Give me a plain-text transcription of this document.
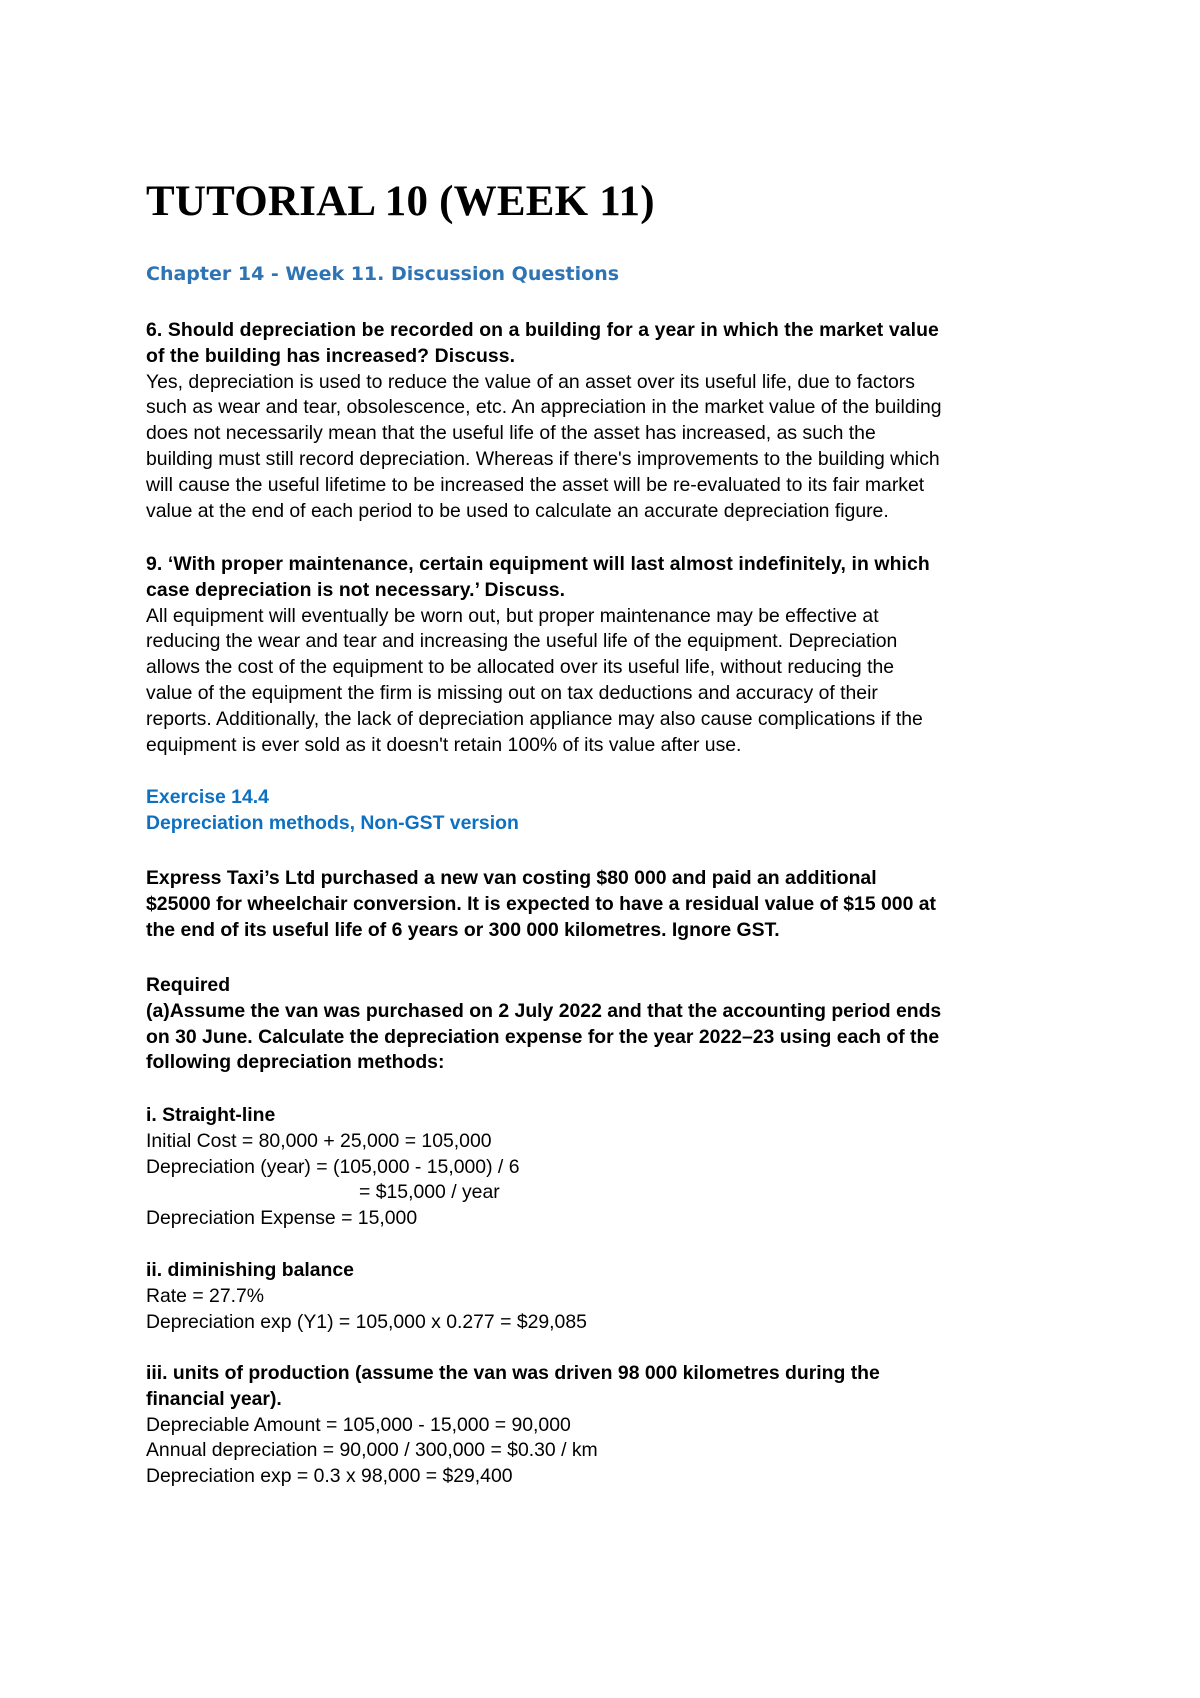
TUTORIAL 10 (WEEK 11)
Chapter 14 - Week 11. Discussion Questions

6. Should depreciation be recorded on a building for a year in which the market value

of the building has increased? Discuss.

Yes, depreciation is used to reduce the value of an asset over its useful life, due to factors

such as wear and tear, obsolescence, etc. An appreciation in the market value of the building

does not necessarily mean that the useful life of the asset has increased, as such the

building must still record depreciation. Whereas if there's improvements to the building which

will cause the useful lifetime to be increased the asset will be re-evaluated to its fair market

value at the end of each period to be used to calculate an accurate depreciation figure.

9. ‘With proper maintenance, certain equipment will last almost indefinitely, in which

case depreciation is not necessary.’ Discuss.

All equipment will eventually be worn out, but proper maintenance may be effective at

reducing the wear and tear and increasing the useful life of the equipment. Depreciation

allows the cost of the equipment to be allocated over its useful life, without reducing the

value of the equipment the firm is missing out on tax deductions and accuracy of their

reports. Additionally, the lack of depreciation appliance may also cause complications if the

equipment is ever sold as it doesn't retain 100% of its value after use.

Exercise 14.4

Depreciation methods, Non-GST version

Express Taxi’s Ltd purchased a new van costing $80 000 and paid an additional

$25000 for wheelchair conversion. It is expected to have a residual value of $15 000 at

the end of its useful life of 6 years or 300 000 kilometres. Ignore GST.

Required

(a)Assume the van was purchased on 2 July 2022 and that the accounting period ends

on 30 June. Calculate the depreciation expense for the year 2022–23 using each of the

following depreciation methods:

i. Straight-line

Initial Cost = 80,000 + 25,000 = 105,000

Depreciation (year) = (105,000 - 15,000) / 6

= $15,000 / year

Depreciation Expense = 15,000

ii. diminishing balance

Rate = 27.7%

Depreciation exp (Y1) = 105,000 x 0.277 = $29,085

iii. units of production (assume the van was driven 98 000 kilometres during the

financial year).

Depreciable Amount = 105,000 - 15,000 = 90,000

Annual depreciation = 90,000 / 300,000 = $0.30 / km

Depreciation exp = 0.3 x 98,000 = $29,400
